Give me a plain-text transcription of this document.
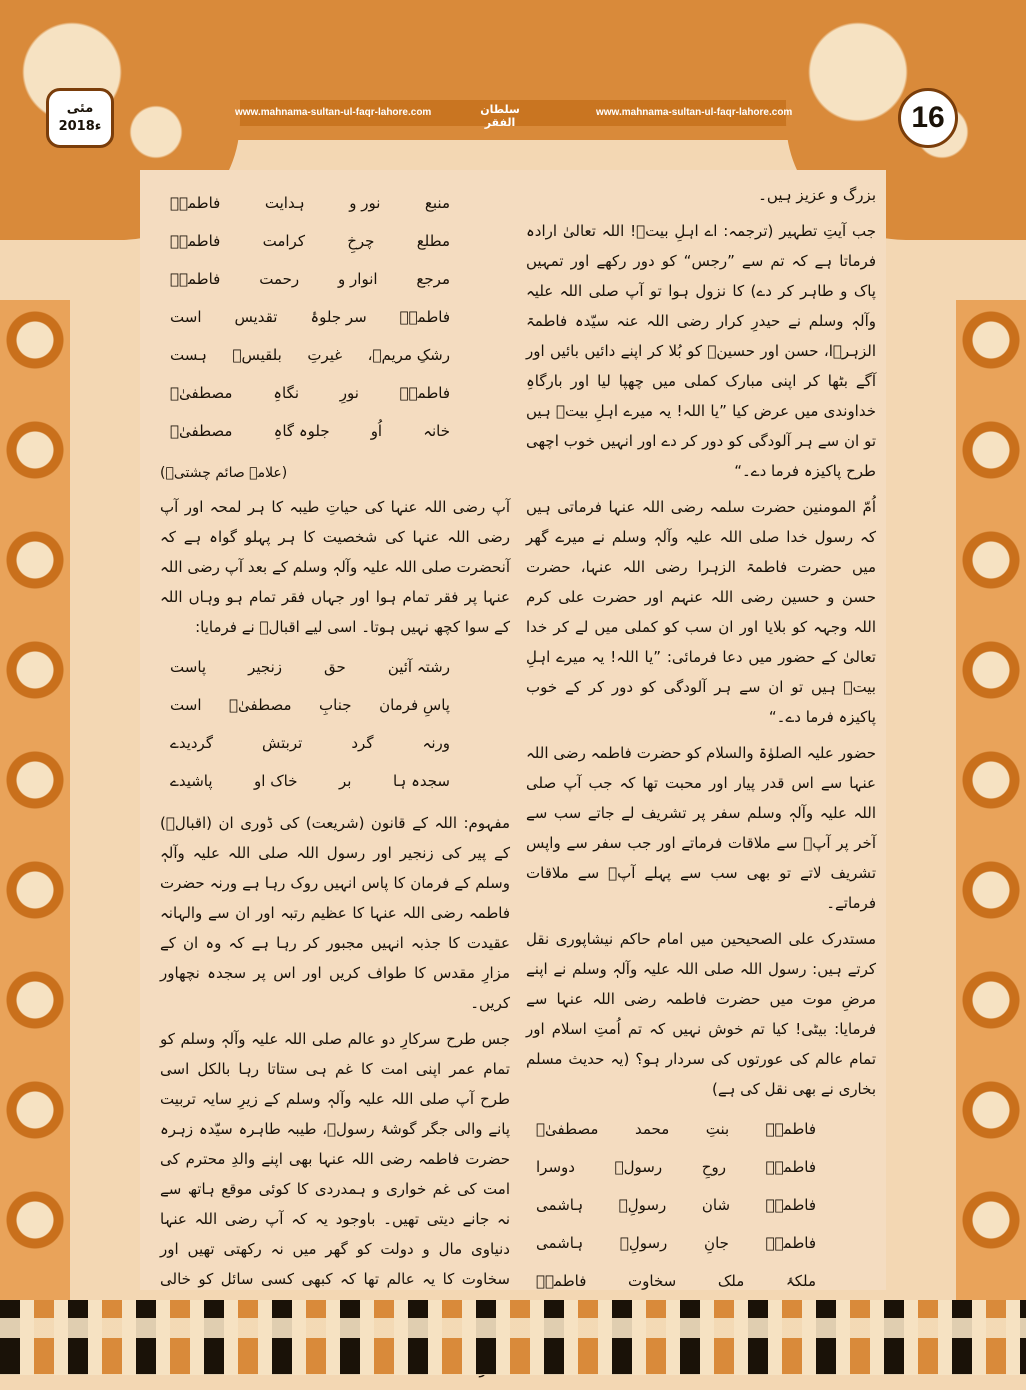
www.mahnama-sultan-ul-faqr-lahore.com	سلطان الفقر
www.mahnama-sultan-ul-faqr-lahore.com
مئی
2018ء	16

بزرگ و عزیز ہیں۔

جب آیتِ تطہیر (ترجمہ: اے اہلِ بیتؓ! اللہ تعالیٰ ارادہ فرماتا ہے کہ تم سے ”رجس“ کو دور رکھے اور تمہیں پاک و طاہر کر دے) کا نزول ہوا تو آپ صلی اللہ علیہ وآلہٖ وسلم نے حیدرِ کرار رضی اللہ عنہ سیّدہ فاطمۃ الزہرؓا، حسن اور حسینؓ کو بُلا کر اپنے دائیں بائیں اور آگے بٹھا کر اپنی مبارک کملی میں چھپا لیا اور بارگاہِ خداوندی میں عرض کیا ”یا اللہ! یہ میرے اہلِ بیتؓ ہیں تو ان سے ہر آلودگی کو دور کر دے اور انہیں خوب اچھی طرح پاکیزہ فرما دے۔“

اُمّ المومنین حضرت سلمہ رضی اللہ عنہا فرماتی ہیں کہ رسول خدا صلی اللہ علیہ وآلہٖ وسلم نے میرے گھر میں حضرت فاطمۃ الزہرا رضی اللہ عنہا، حضرت حسن و حسین رضی اللہ عنہم اور حضرت علی کرم اللہ وجہہ کو بلایا اور ان سب کو کملی میں لے کر خدا تعالیٰ کے حضور میں دعا فرمائی: ”یا اللہ! یہ میرے اہلِ بیتؓ ہیں تو ان سے ہر آلودگی کو دور کر کے خوب پاکیزہ فرما دے۔“

حضور علیہ الصلوٰۃ والسلام کو حضرت فاطمہ رضی اللہ عنہا سے اس قدر پیار اور محبت تھا کہ جب آپ صلی اللہ علیہ وآلہٖ وسلم سفر پر تشریف لے جاتے سب سے آخر پر آپؓ سے ملاقات فرماتے اور جب سفر سے واپس تشریف لاتے تو بھی سب سے پہلے آپؓ سے ملاقات فرماتے۔

مستدرک علی الصحیحین میں امام حاکم نیشاپوری نقل کرتے ہیں: رسول اللہ صلی اللہ علیہ وآلہٖ وسلم نے اپنے مرضِ موت میں حضرت فاطمہ رضی اللہ عنہا سے فرمایا: بیٹی! کیا تم خوش نہیں کہ تم اُمتِ اسلام اور تمام عالم کی عورتوں کی سردار ہو؟ (یہ حدیث مسلم بخاری نے بھی نقل کی ہے)

فاطمہؓ
بنتِ
محمد
مصطفیٰؐ
فاطمہؓ
روحِ
رسولؐ
دوسرا
فاطمہؓ
شان
رسولِؐ
ہاشمی
فاطمہؓ
جانِ
رسولِؐ
ہاشمی
ملکۂ
ملک
سخاوت
فاطمہؓ
منبع
نور و
ہدایت
فاطمہؓ
مطلع
چرخِ
کرامت
فاطمہؓ
مرجع
انوار و
رحمت
فاطمہؓ
فاطمہؓ
سر جلوۂ
تقدیس
است
رشکِ مریمؑ،
غیرتِ
بلقیسؑ
ہست
فاطمہؓ
نورِ
نگاہِ
مصطفیٰؐ
خانہ
اُو
جلوہ گاہِ
مصطفیٰؐ
(علامہ صائم چشتیؒ)

آپ رضی اللہ عنہا کی حیاتِ طیبہ کا ہر لمحہ اور آپ رضی اللہ عنہا کی شخصیت کا ہر پہلو گواہ ہے کہ آنحضرت صلی اللہ علیہ وآلہٖ وسلم کے بعد آپ رضی اللہ عنہا پر فقر تمام ہوا اور جہاں فقر تمام ہو وہاں اللہ کے سوا کچھ نہیں ہوتا۔ اسی لیے اقبالؒ نے فرمایا:

رشتہ آئین
حق
زنجیر
پاست
پاسِ فرمان
جنابِ
مصطفیٰؐ
است
ورنہ
گرد
تربتش
گردیدے
سجدہ ہا
بر
خاک او
پاشیدے

مفہوم: اللہ کے قانون (شریعت) کی ڈوری ان (اقبالؒ) کے پیر کی زنجیر اور رسول اللہ صلی اللہ علیہ وآلہٖ وسلم کے فرمان کا پاس انہیں روک رہا ہے ورنہ حضرت فاطمہ رضی اللہ عنہا کا عظیم رتبہ اور ان سے والہانہ عقیدت کا جذبہ انہیں مجبور کر رہا ہے کہ وہ ان کے مزارِ مقدس کا طواف کریں اور اس پر سجدہ نچھاور کریں۔

جس طرح سرکارِ دو عالم صلی اللہ علیہ وآلہٖ وسلم کو تمام عمر اپنی امت کا غم ہی ستاتا رہا بالکل اسی طرح آپ صلی اللہ علیہ وآلہٖ وسلم کے زیرِ سایہ تربیت پانے والی جگر گوشۂ رسولؐ، طیبہ طاہرہ سیّدہ زہرہ حضرت فاطمہ رضی اللہ عنہا بھی اپنے والدِ محترم کی امت کی غم خواری و ہمدردی کا کوئی موقع ہاتھ سے نہ جانے دیتی تھیں۔ باوجود یہ کہ آپ رضی اللہ عنہا دنیاوی مال و دولت کو گھر میں نہ رکھتی تھیں اور سخاوت کا یہ عالم تھا کہ کبھی کسی سائل کو خالی
